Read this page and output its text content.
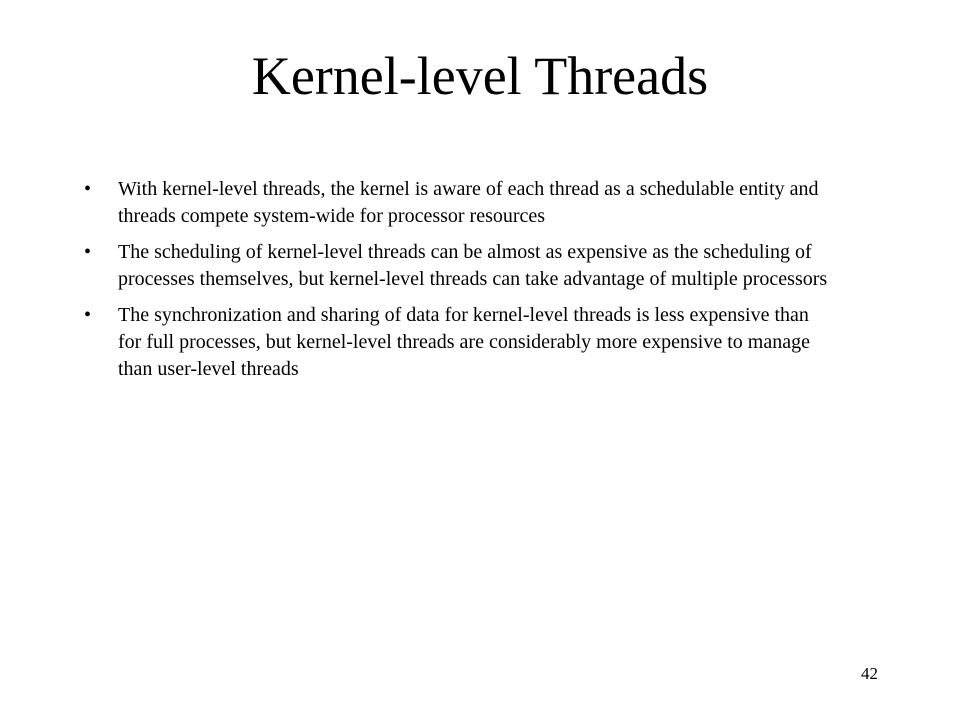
Kernel-level Threads
•	With kernel-level threads, the kernel is aware of each thread as a schedulable entity and threads compete system-wide for processor resources
•	The scheduling of kernel-level threads can be almost as expensive as the scheduling of processes themselves, but kernel-level threads can take advantage of multiple processors
•	The synchronization and sharing of data for kernel-level threads is less expensive than for full processes, but kernel-level threads are considerably more expensive to manage than user-level threads
42
